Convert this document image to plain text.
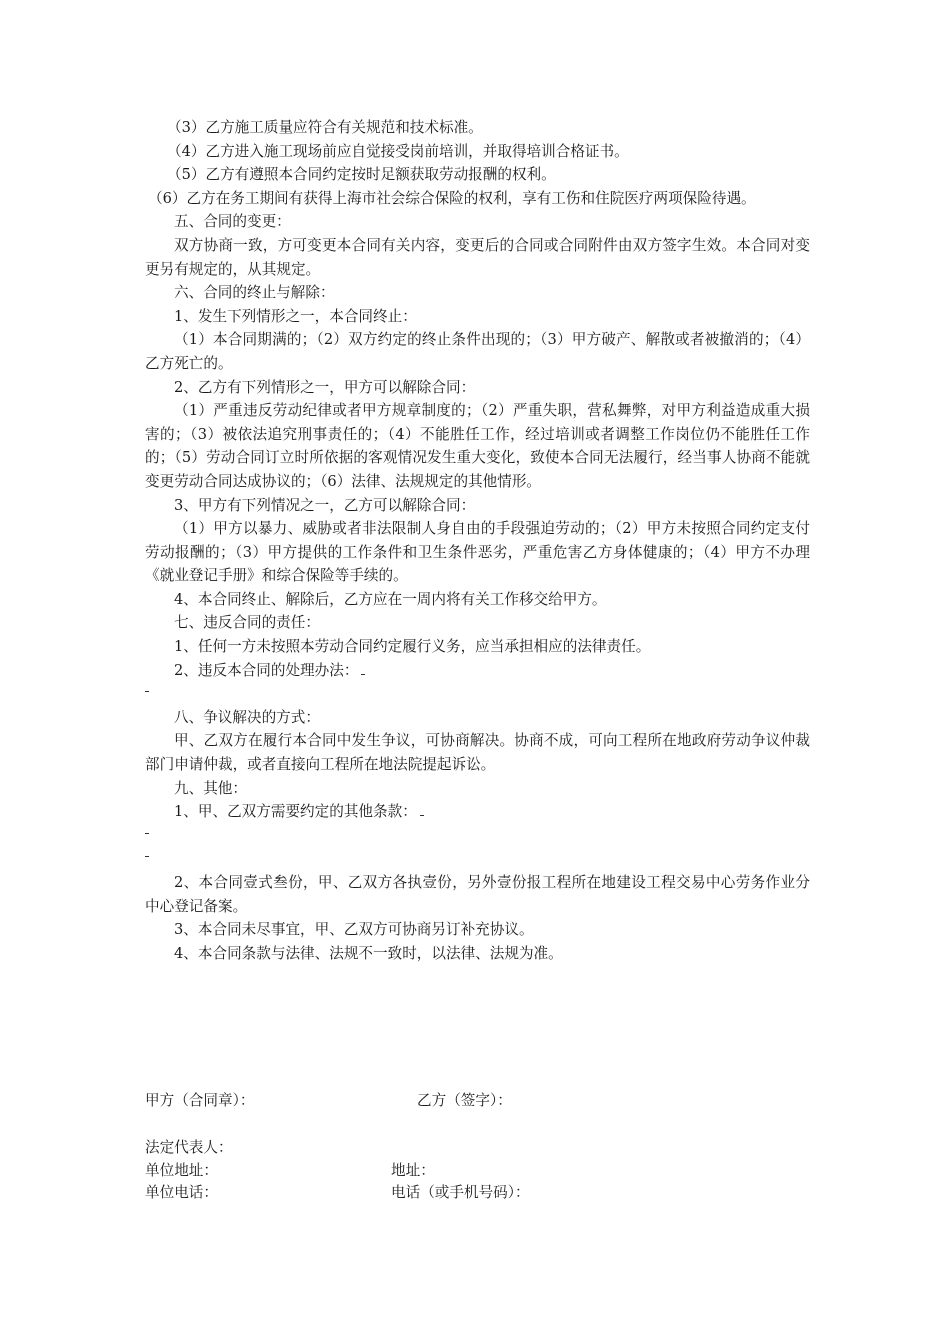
（3）乙方施工质量应符合有关规范和技术标准。

（4）乙方进入施工现场前应自觉接受岗前培训，并取得培训合格证书。

（5）乙方有遵照本合同约定按时足额获取劳动报酬的权利。

（6）乙方在务工期间有获得上海市社会综合保险的权利，享有工伤和住院医疗两项保险待遇。

五、合同的变更：

双方协商一致，方可变更本合同有关内容，变更后的合同或合同附件由双方签字生效。本合同对变更另有规定的，从其规定。

六、合同的终止与解除：

1、发生下列情形之一，本合同终止：

（1）本合同期满的；（2）双方约定的终止条件出现的；（3）甲方破产、解散或者被撤消的；（4）乙方死亡的。

2、乙方有下列情形之一，甲方可以解除合同：

（1）严重违反劳动纪律或者甲方规章制度的；（2）严重失职，营私舞弊，对甲方利益造成重大损害的；（3）被依法追究刑事责任的；（4）不能胜任工作，经过培训或者调整工作岗位仍不能胜任工作的；（5）劳动合同订立时所依据的客观情况发生重大变化，致使本合同无法履行，经当事人协商不能就变更劳动合同达成协议的；（6）法律、法规规定的其他情形。

3、甲方有下列情况之一，乙方可以解除合同：

（1）甲方以暴力、威胁或者非法限制人身自由的手段强迫劳动的；（2）甲方未按照合同约定支付劳动报酬的；（3）甲方提供的工作条件和卫生条件恶劣，严重危害乙方身体健康的；（4）甲方不办理《就业登记手册》和综合保险等手续的。

4、本合同终止、解除后，乙方应在一周内将有关工作移交给甲方。

七、违反合同的责任：

1、任何一方未按照本劳动合同约定履行义务，应当承担相应的法律责任。

2、违反本合同的处理办法：

八、争议解决的方式：

甲、乙双方在履行本合同中发生争议，可协商解决。协商不成，可向工程所在地政府劳动争议仲裁部门申请仲裁，或者直接向工程所在地法院提起诉讼。

九、其他：

1、甲、乙双方需要约定的其他条款：

2、本合同壹式叁份，甲、乙双方各执壹份，另外壹份报工程所在地建设工程交易中心劳务作业分中心登记备案。

3、本合同未尽事宜，甲、乙双方可协商另订补充协议。

4、本合同条款与法律、法规不一致时，以法律、法规为准。

甲方（合同章）：	乙方（签字）：
法定代表人：
单位地址：	地址：
单位电话：	电话（或手机号码）：
